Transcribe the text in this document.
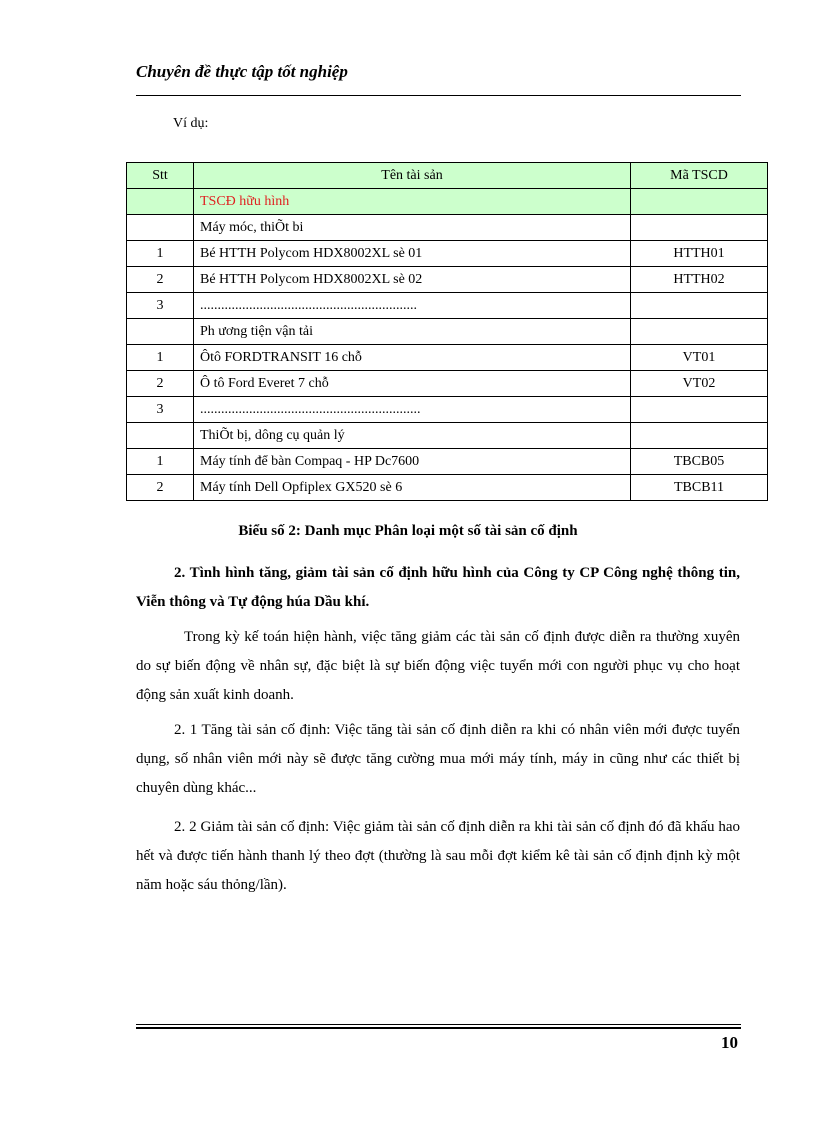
Chuyên đề thực tập tốt nghiệp
Ví dụ:
Stt	Tên tài sản	Mã TSCD
	TSCĐ hữu hình	
	Máy móc, thiÕt bi	
1	Bé HTTH Polycom HDX8002XL sè 01	HTTH01
2	Bé HTTH Polycom HDX8002XL sè 02	HTTH02
3	..............................................................	
	Ph ương tiện vận tải	
1	Ôtô FORDTRANSIT 16 chỗ	VT01
2	Ô tô Ford Everet 7 chỗ	VT02
3	...............................................................	
	ThiÕt bị, dông cụ quản lý	
1	Máy tính để bàn Compaq - HP Dc7600	TBCB05
2	Máy tính Dell Opfiplex GX520 sè 6	TBCB11
Biểu số 2: Danh mục Phân loại một số tài sản cố định
2. Tình hình tăng, giảm tài sản cố định hữu hình của Công ty CP Công nghệ thông tin, Viễn thông và Tự động húa Dầu khí.
Trong kỳ kế toán hiện hành, việc tăng giảm các tài sản cố định được diễn ra thường xuyên do sự biến động về nhân sự, đặc biệt là sự biến động việc tuyển mới con người phục vụ cho hoạt động sản xuất kinh doanh.
2. 1 Tăng tài sản cố định: Việc tăng tài sản cố định diễn ra khi có nhân viên mới được tuyển dụng, số nhân viên mới này sẽ được tăng cường mua mới máy tính, máy in cũng như các thiết bị chuyên dùng khác...
2. 2 Giảm tài sản cố định: Việc giảm tài sản cố định diễn ra khi tài sản cố định đó đã khấu hao hết và được tiến hành thanh lý theo đợt (thường là sau mỗi đợt kiểm kê tài sản cố định định kỳ một năm hoặc sáu thỏng/lần).
10
